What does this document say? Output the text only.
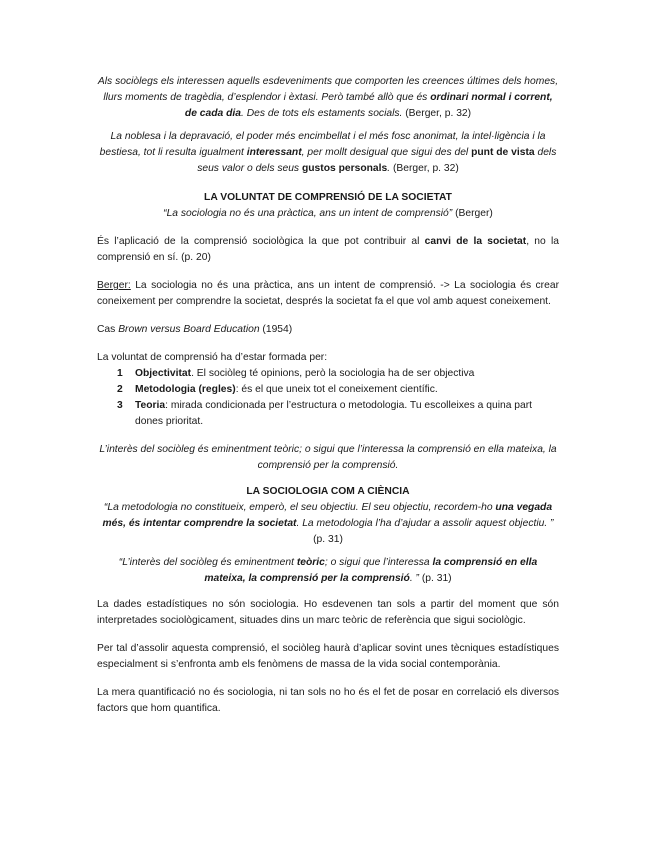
Als sociòlegs els interessen aquells esdeveniments que comporten les creences últimes dels homes, llurs moments de tragèdia, d’esplendor i èxtasi. Però també allò que és ordinari normal i corrent, de cada dia. Des de tots els estaments socials. (Berger, p. 32)

La noblesa i la depravació, el poder més encimbellat i el més fosc anonimat, la intel·ligència i la bestiesa, tot li resulta igualment interessant, per mollt desigual que sigui des del punt de vista dels seus valor o dels seus gustos personals. (Berger, p. 32)

LA VOLUNTAT DE COMPRENSIÓ DE LA SOCIETAT

“La sociologia no és una pràctica, ans un intent de comprensió” (Berger)

És l’aplicació de la comprensió sociològica la que pot contribuir al canvi de la societat, no la comprensió en sí. (p. 20)

Berger: La sociologia no és una pràctica, ans un intent de comprensió. -> La sociologia és crear coneixement per comprendre la societat, després la societat fa el que vol amb aquest coneixement.

Cas Brown versus Board Education (1954)

La voluntat de comprensió ha d’estar formada per:

1 Objectivitat. El sociòleg té opinions, però la sociologia ha de ser objectiva
2 Metodologia (regles): és el que uneix tot el coneixement científic.
3 Teoria: mirada condicionada per l’estructura o metodologia. Tu escolleixes a quina part dones prioritat.

L’interès del sociòleg és eminentment teòric; o sigui que l’interessa la comprensió en ella mateixa, la comprensió per la comprensió.

LA SOCIOLOGIA COM A CIÈNCIA

“La metodologia no constitueix, emperò, el seu objectiu. El seu objectiu, recordem-ho una vegada més, és intentar comprendre la societat. La metodologia l’ha d’ajudar a assolir aquest objectiu. ” (p. 31)

“L’interès del sociòleg és eminentment teòric; o sigui que l’interessa la comprensió en ella mateixa, la comprensió per la comprensió. ” (p. 31)

La dades estadístiques no són sociologia. Ho esdevenen tan sols a partir del moment que són interpretades sociològicament, situades dins un marc teòric de referència que sigui sociològic.

Per tal d’assolir aquesta comprensió, el sociòleg haurà d’aplicar sovint unes tècniques estadístiques especialment si s’enfronta amb els fenòmens de massa de la vida social contemporània.

La mera quantificació no és sociologia, ni tan sols no ho és el fet de posar en correlació els diversos factors que hom quantifica.
